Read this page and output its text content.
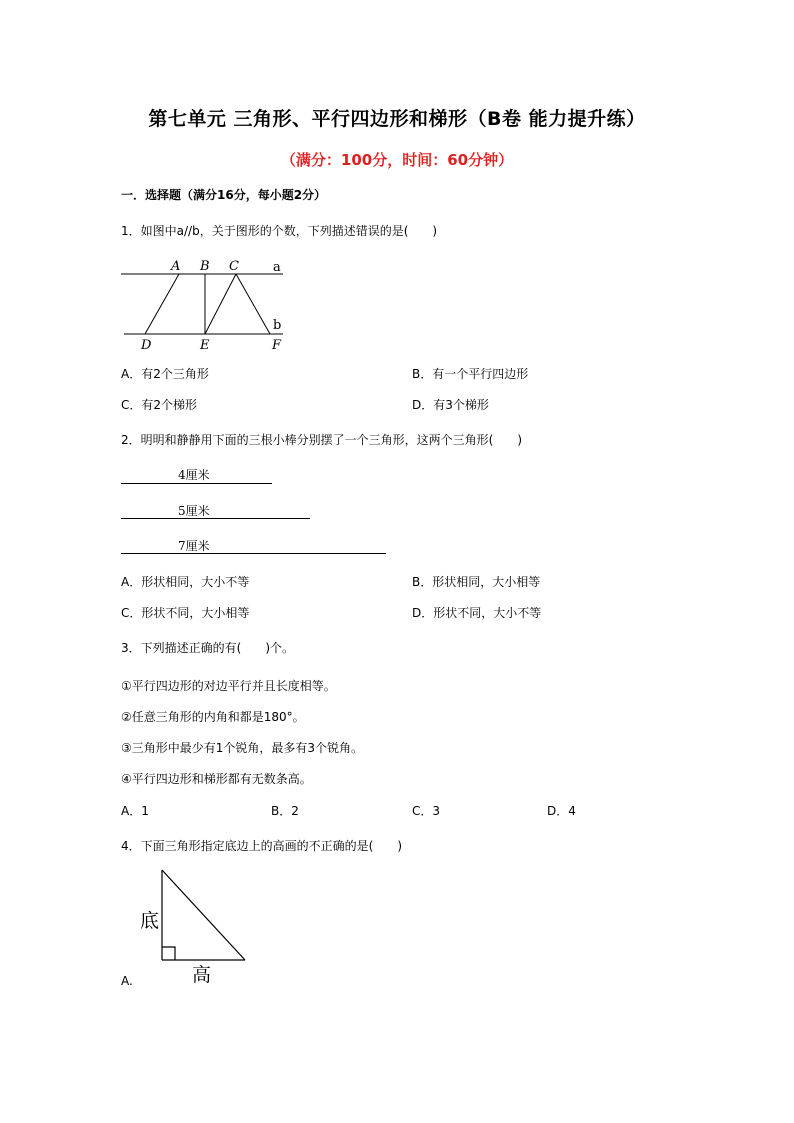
第七单元 三角形、平行四边形和梯形（B卷 能力提升练）
（满分：100分，时间：60分钟）
一．选择题（满分16分，每小题2分）
1．如图中a//b，关于图形的个数，下列描述错误的是(　　)
A B C	a
b
D	E	F
A．有2个三角形	B．有一个平行四边形
C．有2个梯形	D．有3个梯形
2．明明和静静用下面的三根小棒分别摆了一个三角形，这两个三角形(　　)
4厘米
5厘米
7厘米
A．形状相同，大小不等	B．形状相同，大小相等
C．形状不同，大小相等	D．形状不同，大小不等
3．下列描述正确的有(　　)个。
①平行四边形的对边平行并且长度相等。
②任意三角形的内角和都是180°。
③三角形中最少有1个锐角，最多有3个锐角。
④平行四边形和梯形都有无数条高。
A．1	B．2	C．3	D．4
4．下面三角形指定底边上的高画的不正确的是(　　)
底
高
A.
